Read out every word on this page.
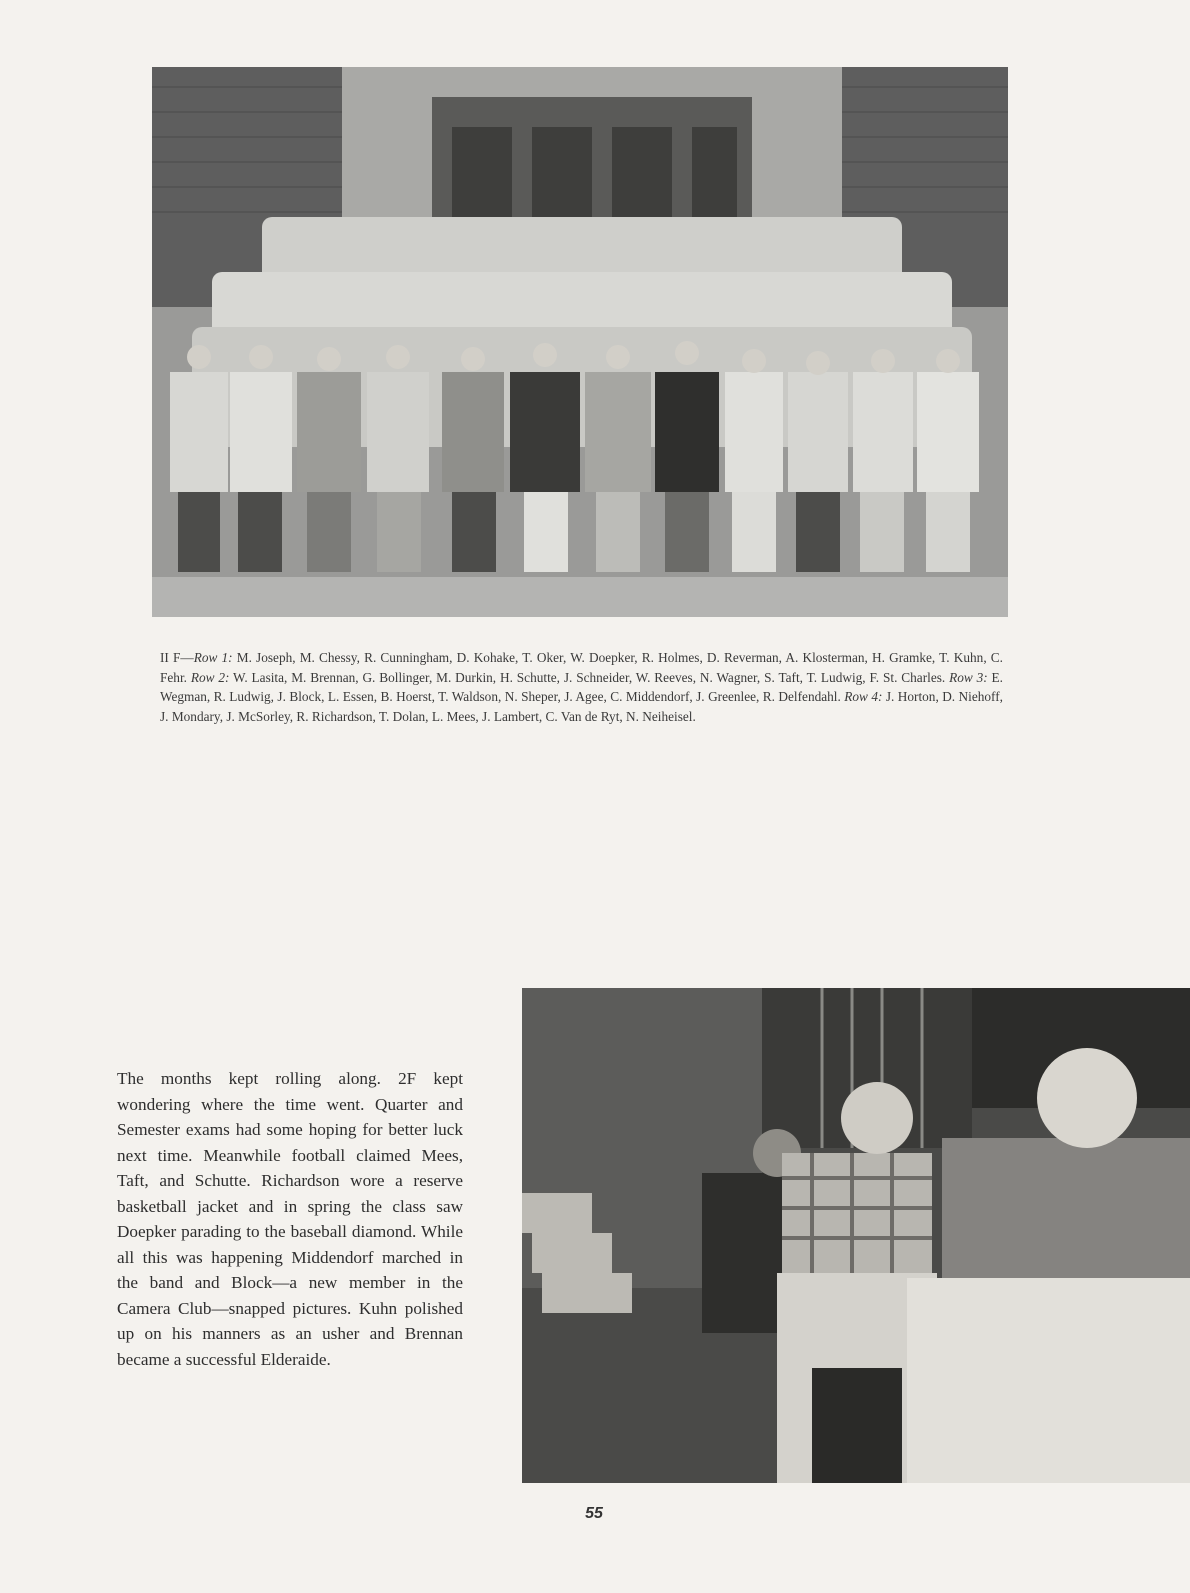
II F—Row 1: M. Joseph, M. Chessy, R. Cunningham, D. Kohake, T. Oker, W. Doepker, R. Holmes, D. Reverman, A. Klosterman, H. Gramke, T. Kuhn, C. Fehr. Row 2: W. Lasita, M. Brennan, G. Bollinger, M. Durkin, H. Schutte, J. Schneider, W. Reeves, N. Wagner, S. Taft, T. Ludwig, F. St. Charles. Row 3: E. Wegman, R. Ludwig, J. Block, L. Essen, B. Hoerst, T. Waldson, N. Sheper, J. Agee, C. Middendorf, J. Greenlee, R. Delfendahl. Row 4: J. Horton, D. Niehoff, J. Mondary, J. McSorley, R. Richardson, T. Dolan, L. Mees, J. Lambert, C. Van de Ryt, N. Neiheisel.
The months kept rolling along. 2F kept wondering where the time went. Quarter and Semester exams had some hoping for better luck next time. Meanwhile football claimed Mees, Taft, and Schutte. Richardson wore a reserve basketball jacket and in spring the class saw Doepker parading to the baseball diamond. While all this was happening Middendorf marched in the band and Block—a new member in the Camera Club—snapped pictures. Kuhn polished up on his manners as an usher and Brennan became a successful Elderaide.
55
